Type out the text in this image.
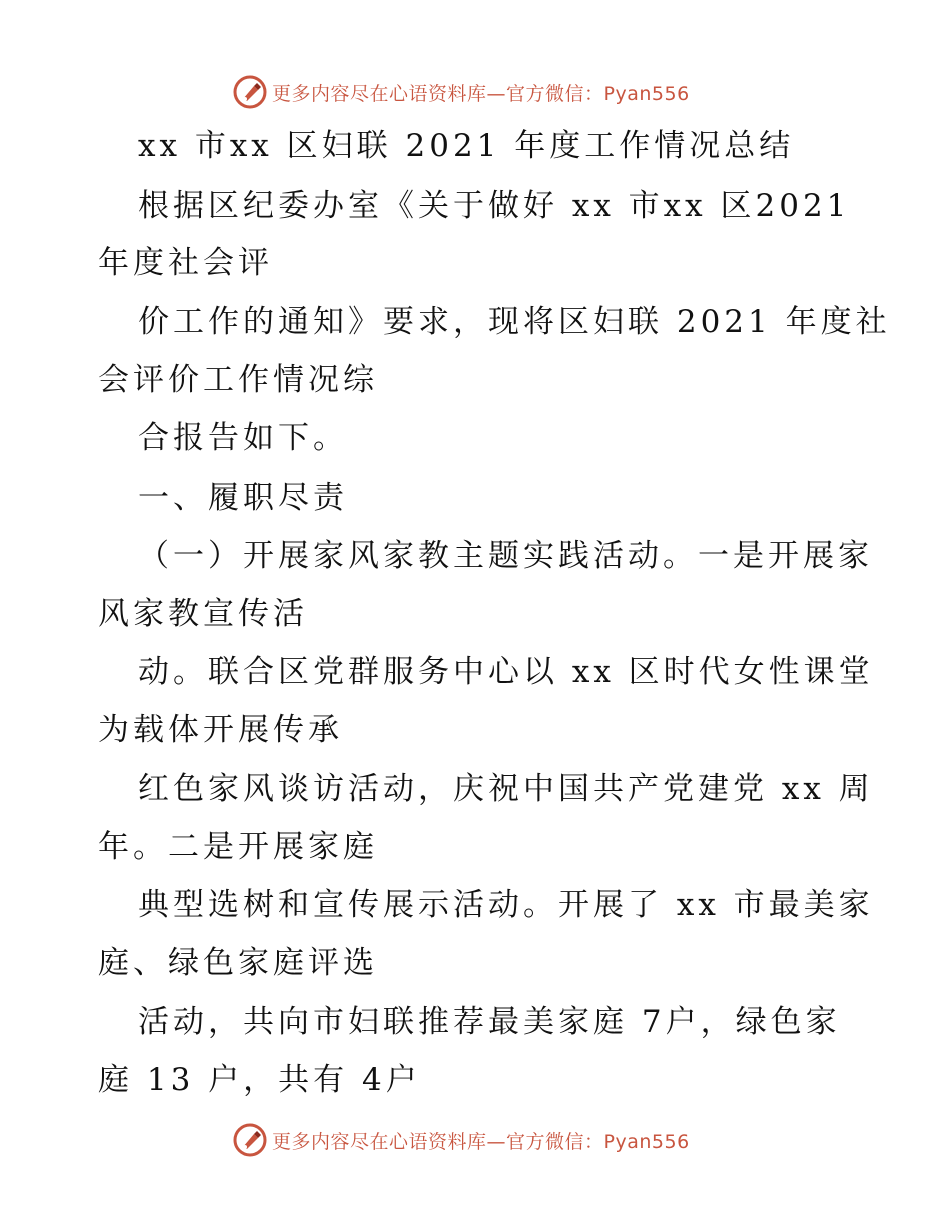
更多内容尽在心语资料库—官方微信：Pyan556
xx 市xx 区妇联 2021 年度工作情况总结
根据区纪委办室《关于做好 xx 市xx 区2021
年度社会评
价工作的通知》要求，现将区妇联 2021 年度社
会评价工作情况综
合报告如下。
一、履职尽责
（一）开展家风家教主题实践活动。一是开展家
风家教宣传活
动。联合区党群服务中心以 xx 区时代女性课堂
为载体开展传承
红色家风谈访活动，庆祝中国共产党建党 xx 周
年。二是开展家庭
典型选树和宣传展示活动。开展了 xx 市最美家
庭、绿色家庭评选
活动，共向市妇联推荐最美家庭 7户，绿色家
庭 13 户，共有 4户
更多内容尽在心语资料库—官方微信：Pyan556
